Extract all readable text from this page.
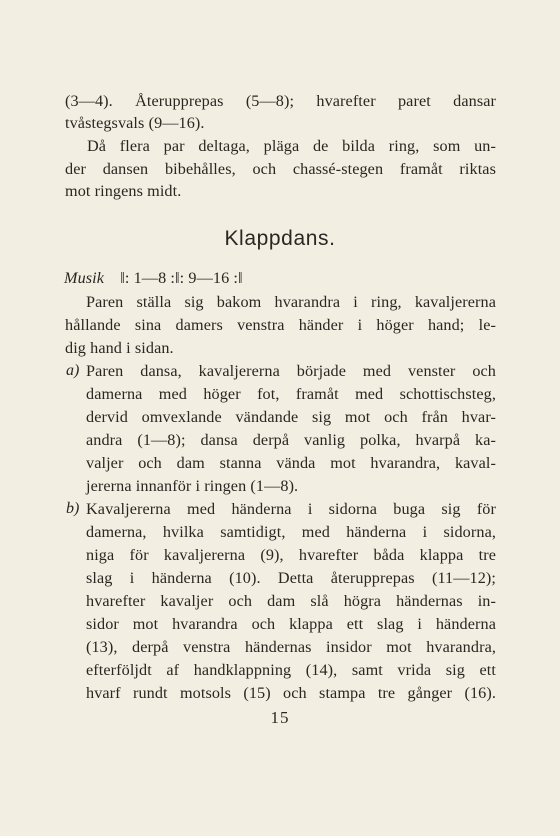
(3—4). Återupprepas (5—8); hvarefter paret dansar
tvåstegsvals (9—16).
Då flera par deltaga, pläga de bilda ring, som un-
der dansen bibehålles, och chassé-stegen framåt riktas
mot ringens midt.
Klappdans.
Musik ‖: 1—8 :‖: 9—16 :‖
Paren ställa sig bakom hvarandra i ring, kavaljererna
hållande sina damers venstra händer i höger hand; le-
dig hand i sidan.
a) Paren dansa, kavaljererna började med venster och
damerna med höger fot, framåt med schottischsteg,
dervid omvexlande vändande sig mot och från hvar-
andra (1—8); dansa derpå vanlig polka, hvarpå ka-
valjer och dam stanna vända mot hvarandra, kaval-
jererna innanför i ringen (1—8).
b) Kavaljererna med händerna i sidorna buga sig för
damerna, hvilka samtidigt, med händerna i sidorna,
niga för kavaljererna (9), hvarefter båda klappa tre
slag i händerna (10). Detta återupprepas (11—12);
hvarefter kavaljer och dam slå högra händernas in-
sidor mot hvarandra och klappa ett slag i händerna
(13), derpå venstra händernas insidor mot hvarandra,
efterföljdt af handklappning (14), samt vrida sig ett
hvarf rundt motsols (15) och stampa tre gånger (16).
15
